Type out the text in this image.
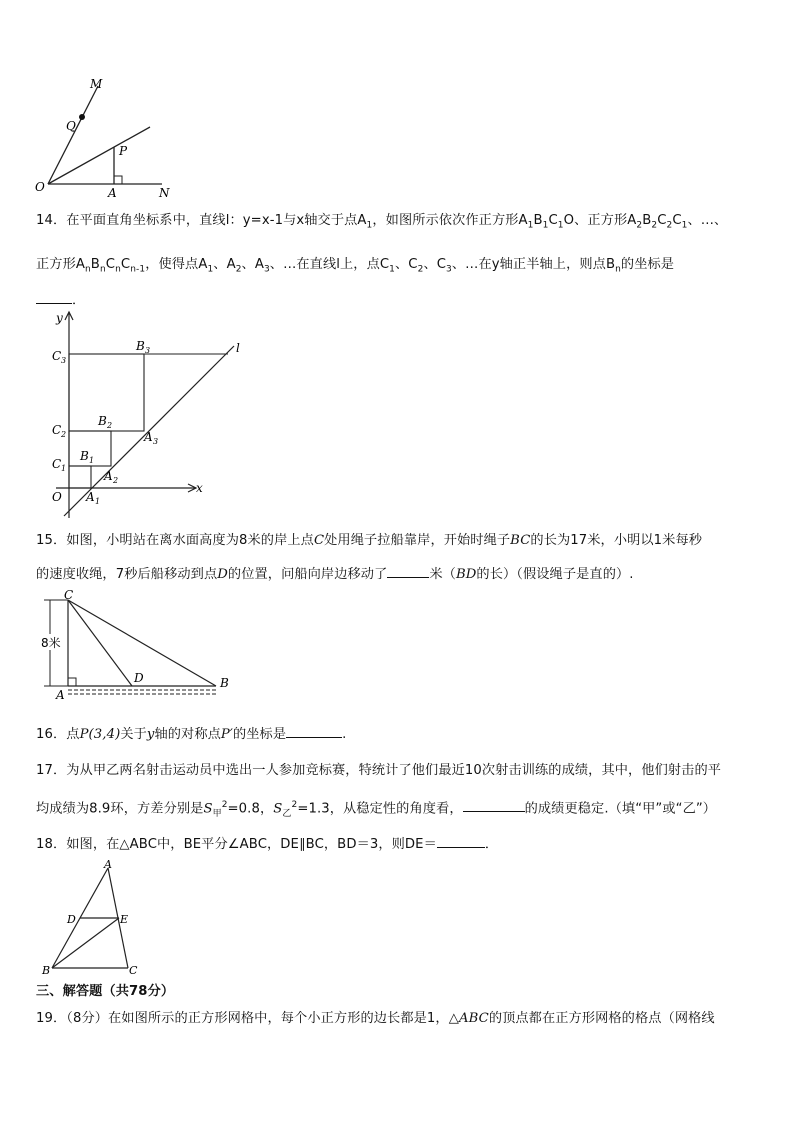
M
Q
P
O	A	N
14．在平面直角坐标系中，直线l：y=x-1与x轴交于点$A_1$，如图所示依次作正方形$A_1B_1C_1O$、正方形$A_2B_2C_2C_1$、…、
正方形$A_nB_nC_nC_{n-1}$，使得点$A_1$、$A_2$、$A_3$、…在直线l上，点$C_1$、$C_2$、$C_3$、…在y轴正半轴上，则点$B_n$的坐标是
．
y
C 3
B 3	l
C 2
B 2
A 3
C 1
B 1
A 2
O A 1
x
15．如图，小明站在离水面高度为8米的岸上点C处用绳子拉船靠岸，开始时绳子BC的长为17米，小明以1米每秒
的速度收绳，7秒后船移动到点D的位置，问船向岸边移动了	米（BD的长）（假设绳子是直的）.
C
8米
D
A
B
16．点P(3,4)关于y轴的对称点P′的坐标是	.
17．为从甲乙两名射击运动员中选出一人参加竞标赛，特统计了他们最近10次射击训练的成绩，其中，他们射击的平
均成绩为8.9环，方差分别是$S_甲^2=0.8$，$S_乙^2=1.3$，从稳定性的角度看，	的成绩更稳定.（填“甲”或“乙”）
18．如图，在△ABC中，BE平分∠ABC，DE∥BC，BD＝3，则DE＝	．
A
D	E
B	C
三、解答题（共78分）
19．（8分）在如图所示的正方形网格中，每个小正方形的边长都是1，△ABC的顶点都在正方形网格的格点（网格线
